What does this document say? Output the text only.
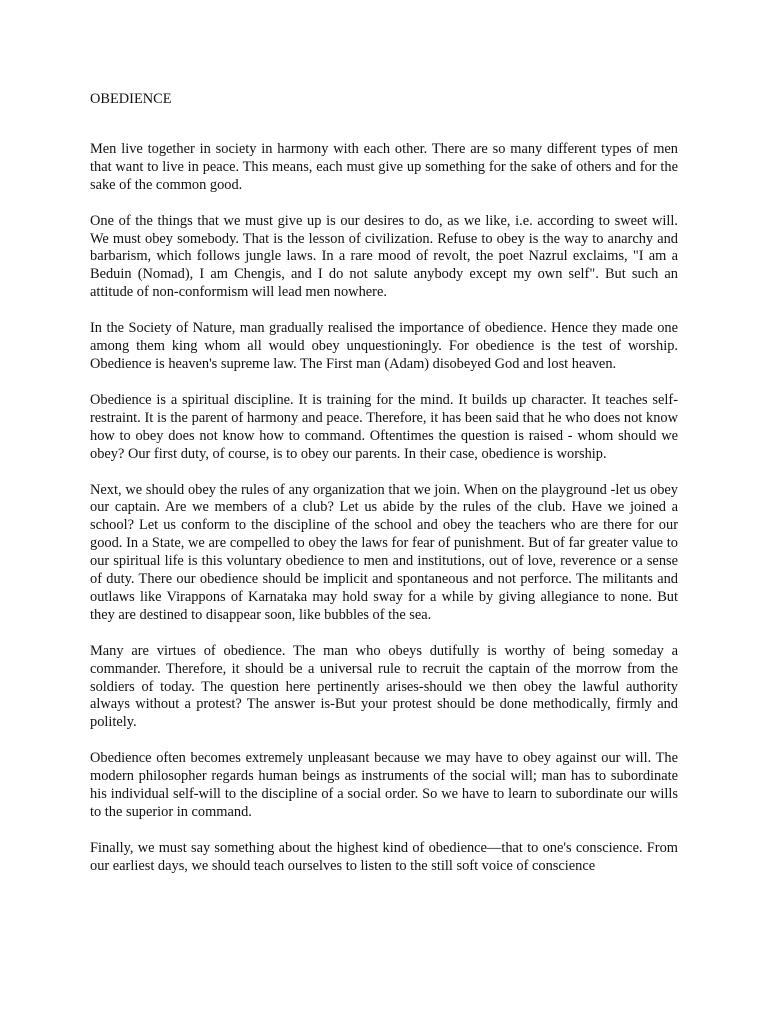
OBEDIENCE

Men live together in society in harmony with each other. There are so many different types of men that want to live in peace. This means, each must give up something for the sake of others and for the sake of the common good.

One of the things that we must give up is our desires to do, as we like, i.e. according to sweet will. We must obey somebody. That is the lesson of civilization. Refuse to obey is the way to anarchy and barbarism, which follows jungle laws. In a rare mood of revolt, the poet Nazrul exclaims, "I am a Beduin (Nomad), I am Chengis, and I do not salute anybody except my own self". But such an attitude of non-conformism will lead men nowhere.

In the Society of Nature, man gradually realised the importance of obedience. Hence they made one among them king whom all would obey unquestioningly. For obedience is the test of worship. Obedience is heaven's supreme law. The First man (Adam) disobeyed God and lost heaven.

Obedience is a spiritual discipline. It is training for the mind. It builds up character. It teaches self-restraint. It is the parent of harmony and peace. Therefore, it has been said that he who does not know how to obey does not know how to command. Oftentimes the question is raised - whom should we obey? Our first duty, of course, is to obey our parents. In their case, obedience is worship.

Next, we should obey the rules of any organization that we join. When on the playground -let us obey our captain. Are we members of a club? Let us abide by the rules of the club. Have we joined a school? Let us conform to the discipline of the school and obey the teachers who are there for our good. In a State, we are compelled to obey the laws for fear of punishment. But of far greater value to our spiritual life is this voluntary obedience to men and institutions, out of love, reverence or a sense of duty. There our obedience should be implicit and spontaneous and not perforce. The militants and outlaws like Virappons of Karnataka may hold sway for a while by giving allegiance to none. But they are destined to disappear soon, like bubbles of the sea.

Many are virtues of obedience. The man who obeys dutifully is worthy of being someday a commander. Therefore, it should be a universal rule to recruit the captain of the morrow from the soldiers of today. The question here pertinently arises-should we then obey the lawful authority always without a protest? The answer is-But your protest should be done methodically, firmly and politely.

Obedience often becomes extremely unpleasant because we may have to obey against our will. The modern philosopher regards human beings as instruments of the social will; man has to subordinate his individual self-will to the discipline of a social order. So we have to learn to subordinate our wills to the superior in command.

Finally, we must say something about the highest kind of obedience—that to one's conscience. From our earliest days, we should teach ourselves to listen to the still soft voice of conscience
